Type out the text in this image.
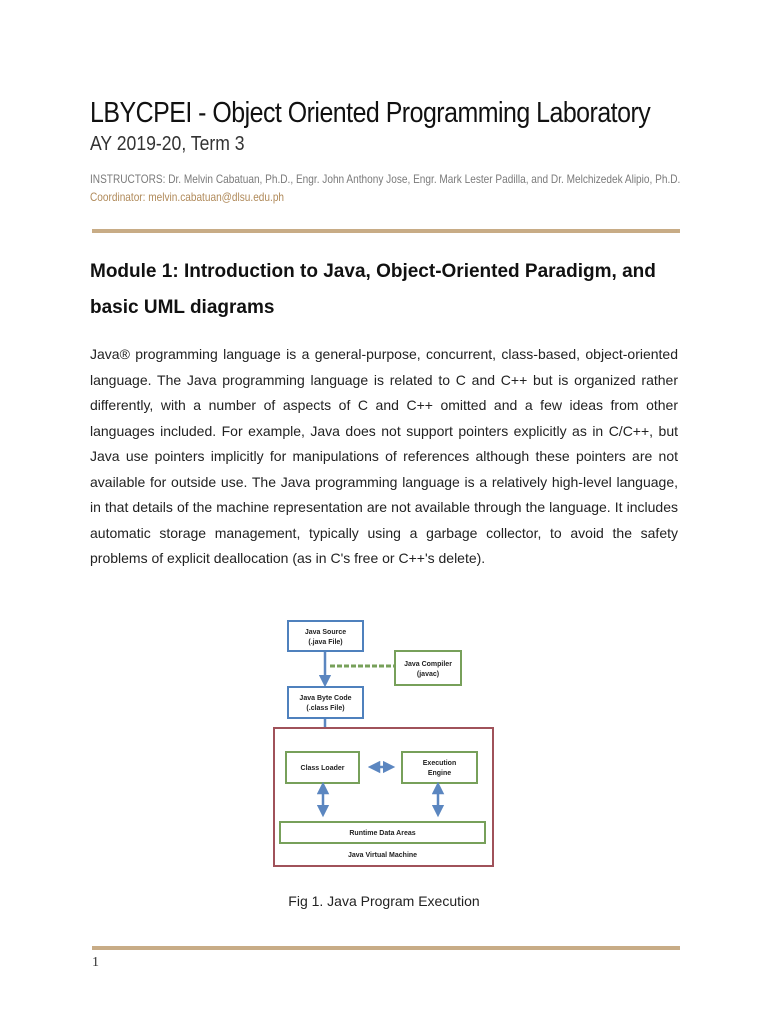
LBYCPEI - Object Oriented Programming Laboratory
AY 2019-20, Term 3
INSTRUCTORS: Dr. Melvin Cabatuan, Ph.D., Engr. John Anthony Jose, Engr. Mark Lester Padilla, and Dr. Melchizedek Alipio, Ph.D.
Coordinator: melvin.cabatuan@dlsu.edu.ph
Module 1: Introduction to Java, Object-Oriented Paradigm, and basic UML diagrams

Java® programming language is a general-purpose, concurrent, class-based, object-oriented language. The Java programming language is related to C and C++ but is organized rather differently, with a number of aspects of C and C++ omitted and a few ideas from other languages included. For example, Java does not support pointers explicitly as in C/C++, but Java use pointers implicitly for manipulations of references although these pointers are not available for outside use. The Java programming language is a relatively high-level language, in that details of the machine representation are not available through the language. It includes automatic storage management, typically using a garbage collector, to avoid the safety problems of explicit deallocation (as in C's free or C++'s delete).

Java Source
(.java File)
Java Compiler
(javac)
Java Byte Code
(.class File)
Class Loader
Execution
Engine
Runtime Data Areas
Java Virtual Machine
Fig 1. Java Program Execution
1
